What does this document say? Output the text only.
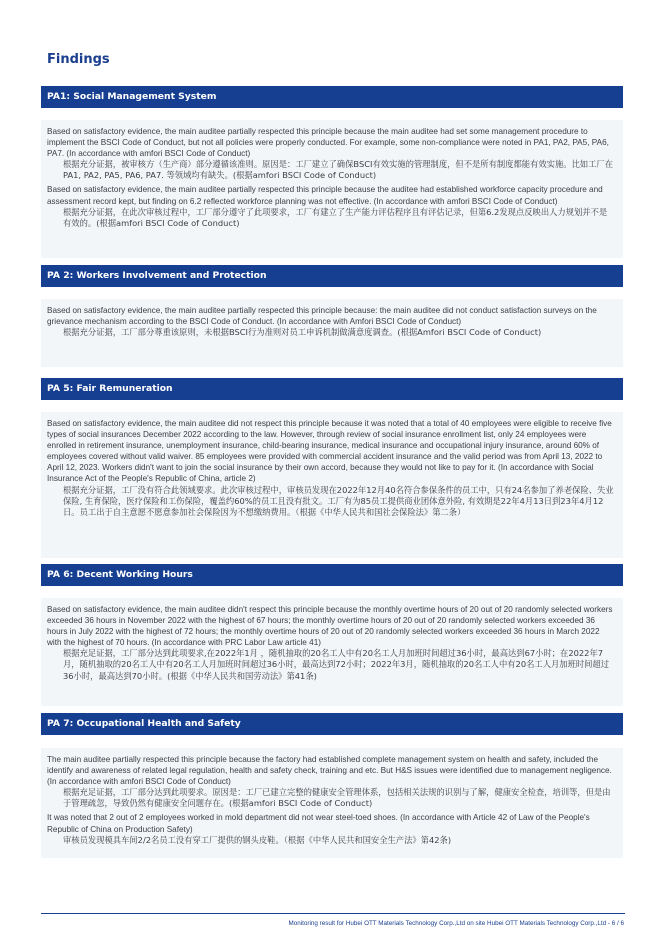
Findings
PA1: Social Management System

Based on satisfactory evidence, the main auditee partially respected this principle because the main auditee had set some management procedure to implement the BSCI Code of Conduct, but not all policies were properly conducted. For example, some non-compliance were noted in PA1, PA2, PA5, PA6, PA7. (In accordance with amfori BSCI Code of Conduct)

根据充分证据，被审核方（生产商）部分遵循该准则。原因是：工厂建立了确保BSCI有效实施的管理制度，但不是所有制度都能有效实施。比如工厂在PA1, PA2, PA5, PA6, PA7. 等领域均有缺失。(根据amfori BSCI Code of Conduct)

Based on satisfactory evidence, the main auditee partially respected this principle because the auditee had established workforce capacity procedure and assessment record kept, but finding on 6.2 reflected workforce planning was not effective. (In accordance with amfori BSCI Code of Conduct)

根据充分证据，在此次审核过程中，工厂部分遵守了此项要求，工厂有建立了生产能力评估程序且有评估记录，但第6.2发现点反映出人力规划并不是有效的。(根据amfori BSCI Code of Conduct)

PA 2: Workers Involvement and Protection

Based on satisfactory evidence, the main auditee partially respected this principle because: the main auditee did not conduct satisfaction surveys on the grievance mechanism according to the BSCI Code of Conduct. (In accordance with Amfori BSCI Code of Conduct)

根据充分证据，工厂部分尊重该原则，未根据BSCI行为准则对员工申诉机制做满意度调查。(根据Amfori BSCI Code of Conduct)

PA 5: Fair Remuneration

Based on satisfactory evidence, the main auditee did not respect this principle because it was noted that a total of 40 employees were eligible to receive five types of social insurances December 2022 according to the law. However, through review of social insurance enrollment list, only 24 employees were enrolled in retirement insurance, unemployment insurance, child-bearing insurance, medical insurance and occupational injury insurance, around 60% of employees covered without valid waiver. 85 employees were provided with commercial accident insurance and the valid period was from April 13, 2022 to April 12, 2023. Workers didn't want to join the social insurance by their own accord, because they would not like to pay for it. (In accordance with Social Insurance Act of the People's Republic of China, article 2)

根据充分证据，工厂没有符合此领域要求。此次审核过程中，审核员发现在2022年12月40名符合参保条件的员工中，只有24名参加了养老保险、失业保险, 生育保险，医疗保险和工伤保险，覆盖约60%的员工且没有批文。工厂有为85员工提供商业团体意外险, 有效期是22年4月13日到23年4月12日。员工出于自主意愿不愿意参加社会保险因为不想缴纳费用。（根据《中华人民共和国社会保险法》第二条）

PA 6: Decent Working Hours

Based on satisfactory evidence, the main auditee didn't respect this principle because the monthly overtime hours of 20 out of 20 randomly selected workers exceeded 36 hours in November 2022 with the highest of 67 hours; the monthly overtime hours of 20 out of 20 randomly selected workers exceeded 36 hours in July 2022 with the highest of 72 hours; the monthly overtime hours of 20 out of 20 randomly selected workers exceeded 36 hours in March 2022 with the highest of 70 hours. (In accordance with PRC Labor Law article 41)

根据充足证据，工厂部分达到此项要求,在2022年1月 ，随机抽取的20名工人中有20名工人月加班时间超过36小时，最高达到67小时；在2022年7月，随机抽取的20名工人中有20名工人月加班时间超过36小时，最高达到72小时；2022年3月，随机抽取的20名工人中有20名工人月加班时间超过36小时，最高达到70小时。(根据《中华人民共和国劳动法》第41条)

PA 7: Occupational Health and Safety

The main auditee partially respected this principle because the factory had established complete management system on health and safety, included the identify and awareness of related legal regulation, health and safety check, training and etc. But H&S issues were identified due to management negligence.(In accordance with amfori BSCI Code of Conduct)

根据充足证据，工厂部分达到此项要求。原因是：工厂已建立完整的健康安全管理体系，包括相关法规的识别与了解，健康安全检查，培训等，但是由于管理疏忽，导致仍然有健康安全问题存在。(根据amfori BSCI Code of Conduct)

It was noted that 2 out of 2 employees worked in mold department did not wear steel-toed shoes. (In accordance with Article 42 of Law of the People's Republic of China on Production Safety)

审核员发现模具车间2/2名员工没有穿工厂提供的钢头皮鞋。（根据《中华人民共和国安全生产法》第42条)

Monitoring result for Hubei OTT Materials Technology Corp.,Ltd on site Hubei OTT Materials Technology Corp.,Ltd - 6 / 6
